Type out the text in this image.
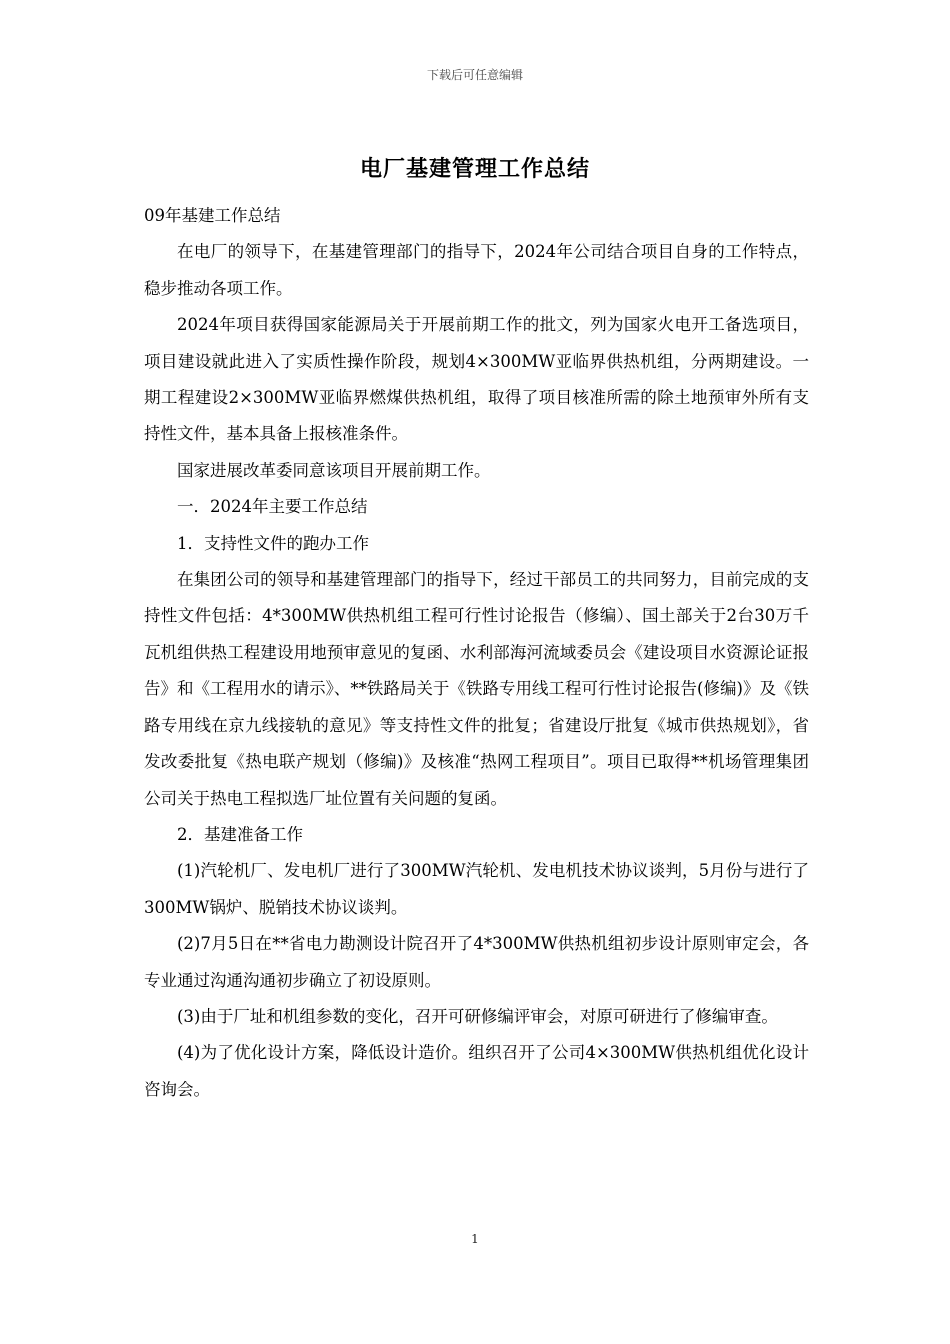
下载后可任意编辑
电厂基建管理工作总结

09年基建工作总结

在电厂的领导下，在基建管理部门的指导下，2024年公司结合项目自身的工作特点，稳步推动各项工作。

2024年项目获得国家能源局关于开展前期工作的批文，列为国家火电开工备选项目，项目建设就此进入了实质性操作阶段，规划4×300MW亚临界供热机组，分两期建设。一期工程建设2×300MW亚临界燃煤供热机组，取得了项目核准所需的除土地预审外所有支持性文件，基本具备上报核准条件。

国家进展改革委同意该项目开展前期工作。

一．2024年主要工作总结

1．支持性文件的跑办工作

在集团公司的领导和基建管理部门的指导下，经过干部员工的共同努力，目前完成的支持性文件包括：4*300MW供热机组工程可行性讨论报告（修编）、国土部关于2台30万千瓦机组供热工程建设用地预审意见的复函、水利部海河流域委员会《建设项目水资源论证报告》和《工程用水的请示》、**铁路局关于《铁路专用线工程可行性讨论报告(修编)》及《铁路专用线在京九线接轨的意见》等支持性文件的批复；省建设厅批复《城市供热规划》，省发改委批复《热电联产规划（修编)》及核准“热网工程项目”。项目已取得**机场管理集团公司关于热电工程拟选厂址位置有关问题的复函。

2．基建准备工作

(1)汽轮机厂、发电机厂进行了300MW汽轮机、发电机技术协议谈判，5月份与进行了300MW锅炉、脱销技术协议谈判。

(2)7月5日在**省电力勘测设计院召开了4*300MW供热机组初步设计原则审定会，各专业通过沟通沟通初步确立了初设原则。

(3)由于厂址和机组参数的变化，召开可研修编评审会，对原可研进行了修编审查。

(4)为了优化设计方案，降低设计造价。组织召开了公司4×300MW供热机组优化设计咨询会。

1
